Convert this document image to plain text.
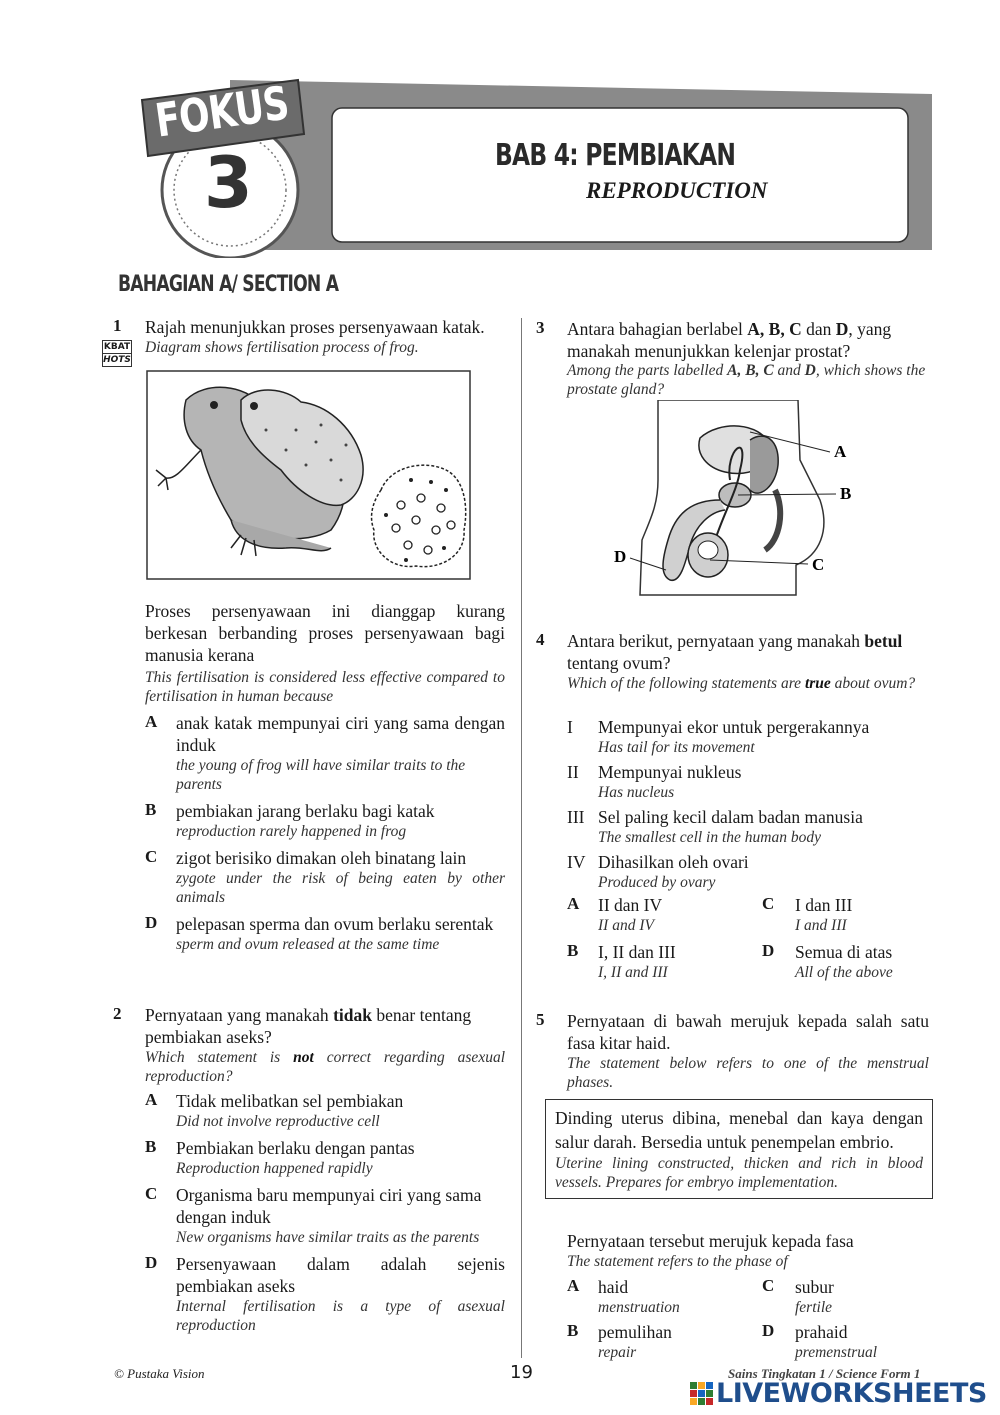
FOKUS
3	BAB 4: PEMBIAKAN
REPRODUCTION
BAHAGIAN A/ SECTION A
1
KBAT
HOTS
Rajah menunjukkan proses persenyawaan katak.
Diagram shows fertilisation process of frog.
Proses persenyawaan ini dianggap kurang berkesan berbanding proses persenyawaan bagi manusia kerana
This fertilisation is considered less effective compared to fertilisation in human because
A	anak katak mempunyai ciri yang sama dengan induk
the young of frog will have similar traits to the parents
B	pembiakan jarang berlaku bagi katak
reproduction rarely happened in frog
C	zigot berisiko dimakan oleh binatang lain
zygote under the risk of being eaten by other animals
D	pelepasan sperma dan ovum berlaku serentak
sperm and ovum released at the same time
2 Pernyataan yang manakah tidak benar tentang pembiakan aseks?
Which statement is not correct regarding asexual reproduction?
A	Tidak melibatkan sel pembiakan
Did not involve reproductive cell
B	Pembiakan berlaku dengan pantas
Reproduction happened rapidly
C	Organisma baru mempunyai ciri yang sama dengan induk
New organisms have similar traits as the parents
D	Persenyawaan dalam adalah sejenis pembiakan aseks
Internal fertilisation is a type of asexual reproduction
3 Antara bahagian berlabel A, B, C dan D, yang manakah menunjukkan kelenjar prostat?
Among the parts labelled A, B, C and D, which shows the prostate gland?
A
B
C
D
4 Antara berikut, pernyataan yang manakah betul tentang ovum?
Which of the following statements are true about ovum?
I	Mempunyai ekor untuk pergerakannya
Has tail for its movement
II	Mempunyai nukleus
Has nucleus
III Sel paling kecil dalam badan manusia
The smallest cell in the human body
IV Dihasilkan oleh ovari
Produced by ovary
A	II dan IV
II and IV
C	I dan III
I and III
B	I, II dan III
I, II and III
D	Semua di atas
All of the above
5 Pernyataan di bawah merujuk kepada salah satu fasa kitar haid.
The statement below refers to one of the menstrual phases.
Dinding uterus dibina, menebal dan kaya dengan salur darah. Bersedia untuk penempelan embrio.
Uterine lining constructed, thicken and rich in blood vessels. Prepares for embryo implementation.
Pernyataan tersebut merujuk kepada fasa
The statement refers to the phase of
A	haid
menstruation
C	subur
fertile
B	pemulihan
repair
D	prahaid
premenstrual
© Pustaka Vision	19	Sains Tingkatan 1 / Science Form 1
LIVEWORKSHEETS
